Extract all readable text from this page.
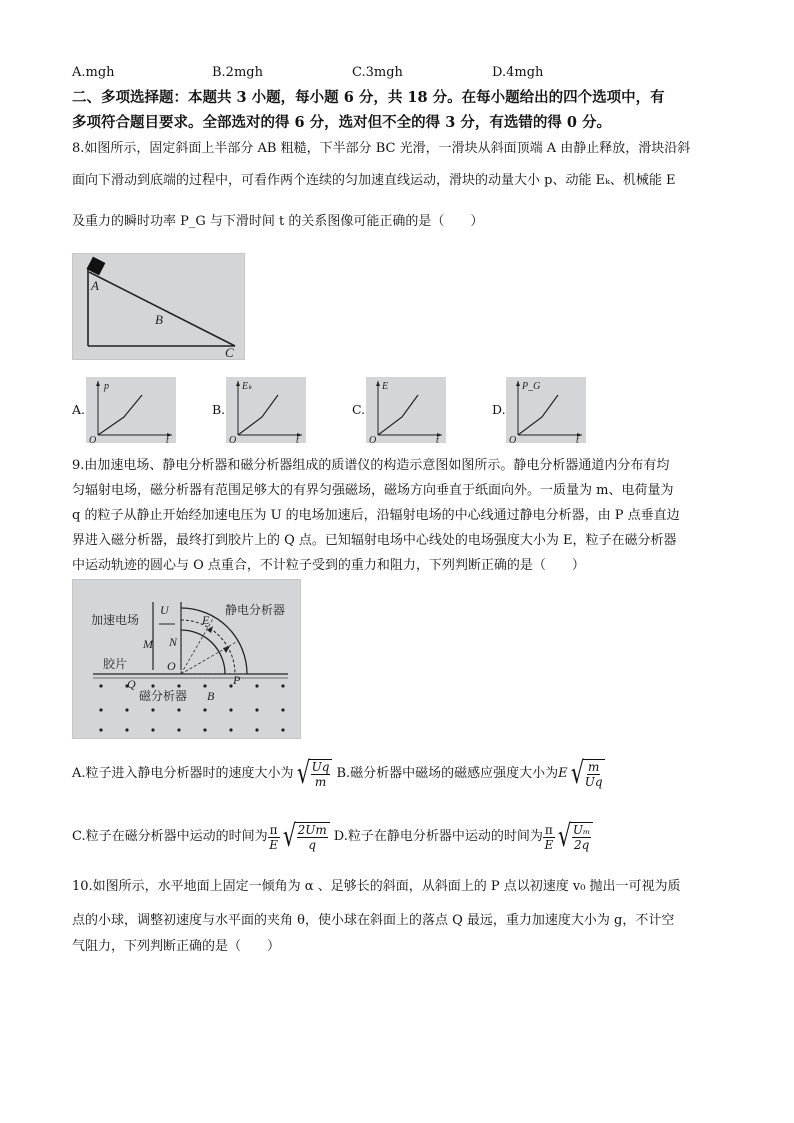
A.mgh	B.2mgh	C.3mgh	D.4mgh
二、多项选择题：本题共 3 小题，每小题 6 分，共 18 分。在每小题给出的四个选项中，有
多项符合题目要求。全部选对的得 6 分，选对但不全的得 3 分，有选错的得 0 分。
8.如图所示，固定斜面上半部分 AB 粗糙，下半部分 BC 光滑，一滑块从斜面顶端 A 由静止释放，滑块沿斜
面向下滑动到底端的过程中，可看作两个连续的匀加速直线运动，滑块的动量大小 p、动能 Eₖ、机械能 E
及重力的瞬时功率 P_G 与下滑时间 t 的关系图像可能正确的是（　　）
A
B
C
A.
p
t
O
B.
Eₖ
t
O
C.
E
t
O
D.
P_G
t
O
9.由加速电场、静电分析器和磁分析器组成的质谱仪的构造示意图如图所示。静电分析器通道内分布有均
匀辐射电场，磁分析器有范围足够大的有界匀强磁场，磁场方向垂直于纸面向外。一质量为 m、电荷量为
q 的粒子从静止开始经加速电压为 U 的电场加速后，沿辐射电场的中心线通过静电分析器，由 P 点垂直边
界进入磁分析器，最终打到胶片上的 Q 点。已知辐射电场中心线处的电场强度大小为 E，粒子在磁分析器
中运动轨迹的圆心与 O 点重合，不计粒子受到的重力和阻力，下列判断正确的是（　　）
加速电场
U
M N
E
静电分析器
胶片	O
P
Q
磁分析器 B
A.粒子进入静电分析器时的速度大小为 √
$\frac{Uq}{m} B$.磁分析器中磁场的磁感应强度大小为 E √
$\frac{m}{Uq}$
C.粒子在磁分析器中运动的时间为 $\frac{\pi}{E}$ √
$\frac{2Um}{q} D$.粒子在静电分析器中运动的时间为 $\frac{\pi}{E}$ √
$\frac{\text{Uₘ}}{2q}$
10.如图所示，水平地面上固定一倾角为 α 、足够长的斜面，从斜面上的 P 点以初速度 v₀ 抛出一可视为质
点的小球，调整初速度与水平面的夹角 θ，使小球在斜面上的落点 Q 最远，重力加速度大小为 g，不计空
气阻力，下列判断正确的是（　　）
